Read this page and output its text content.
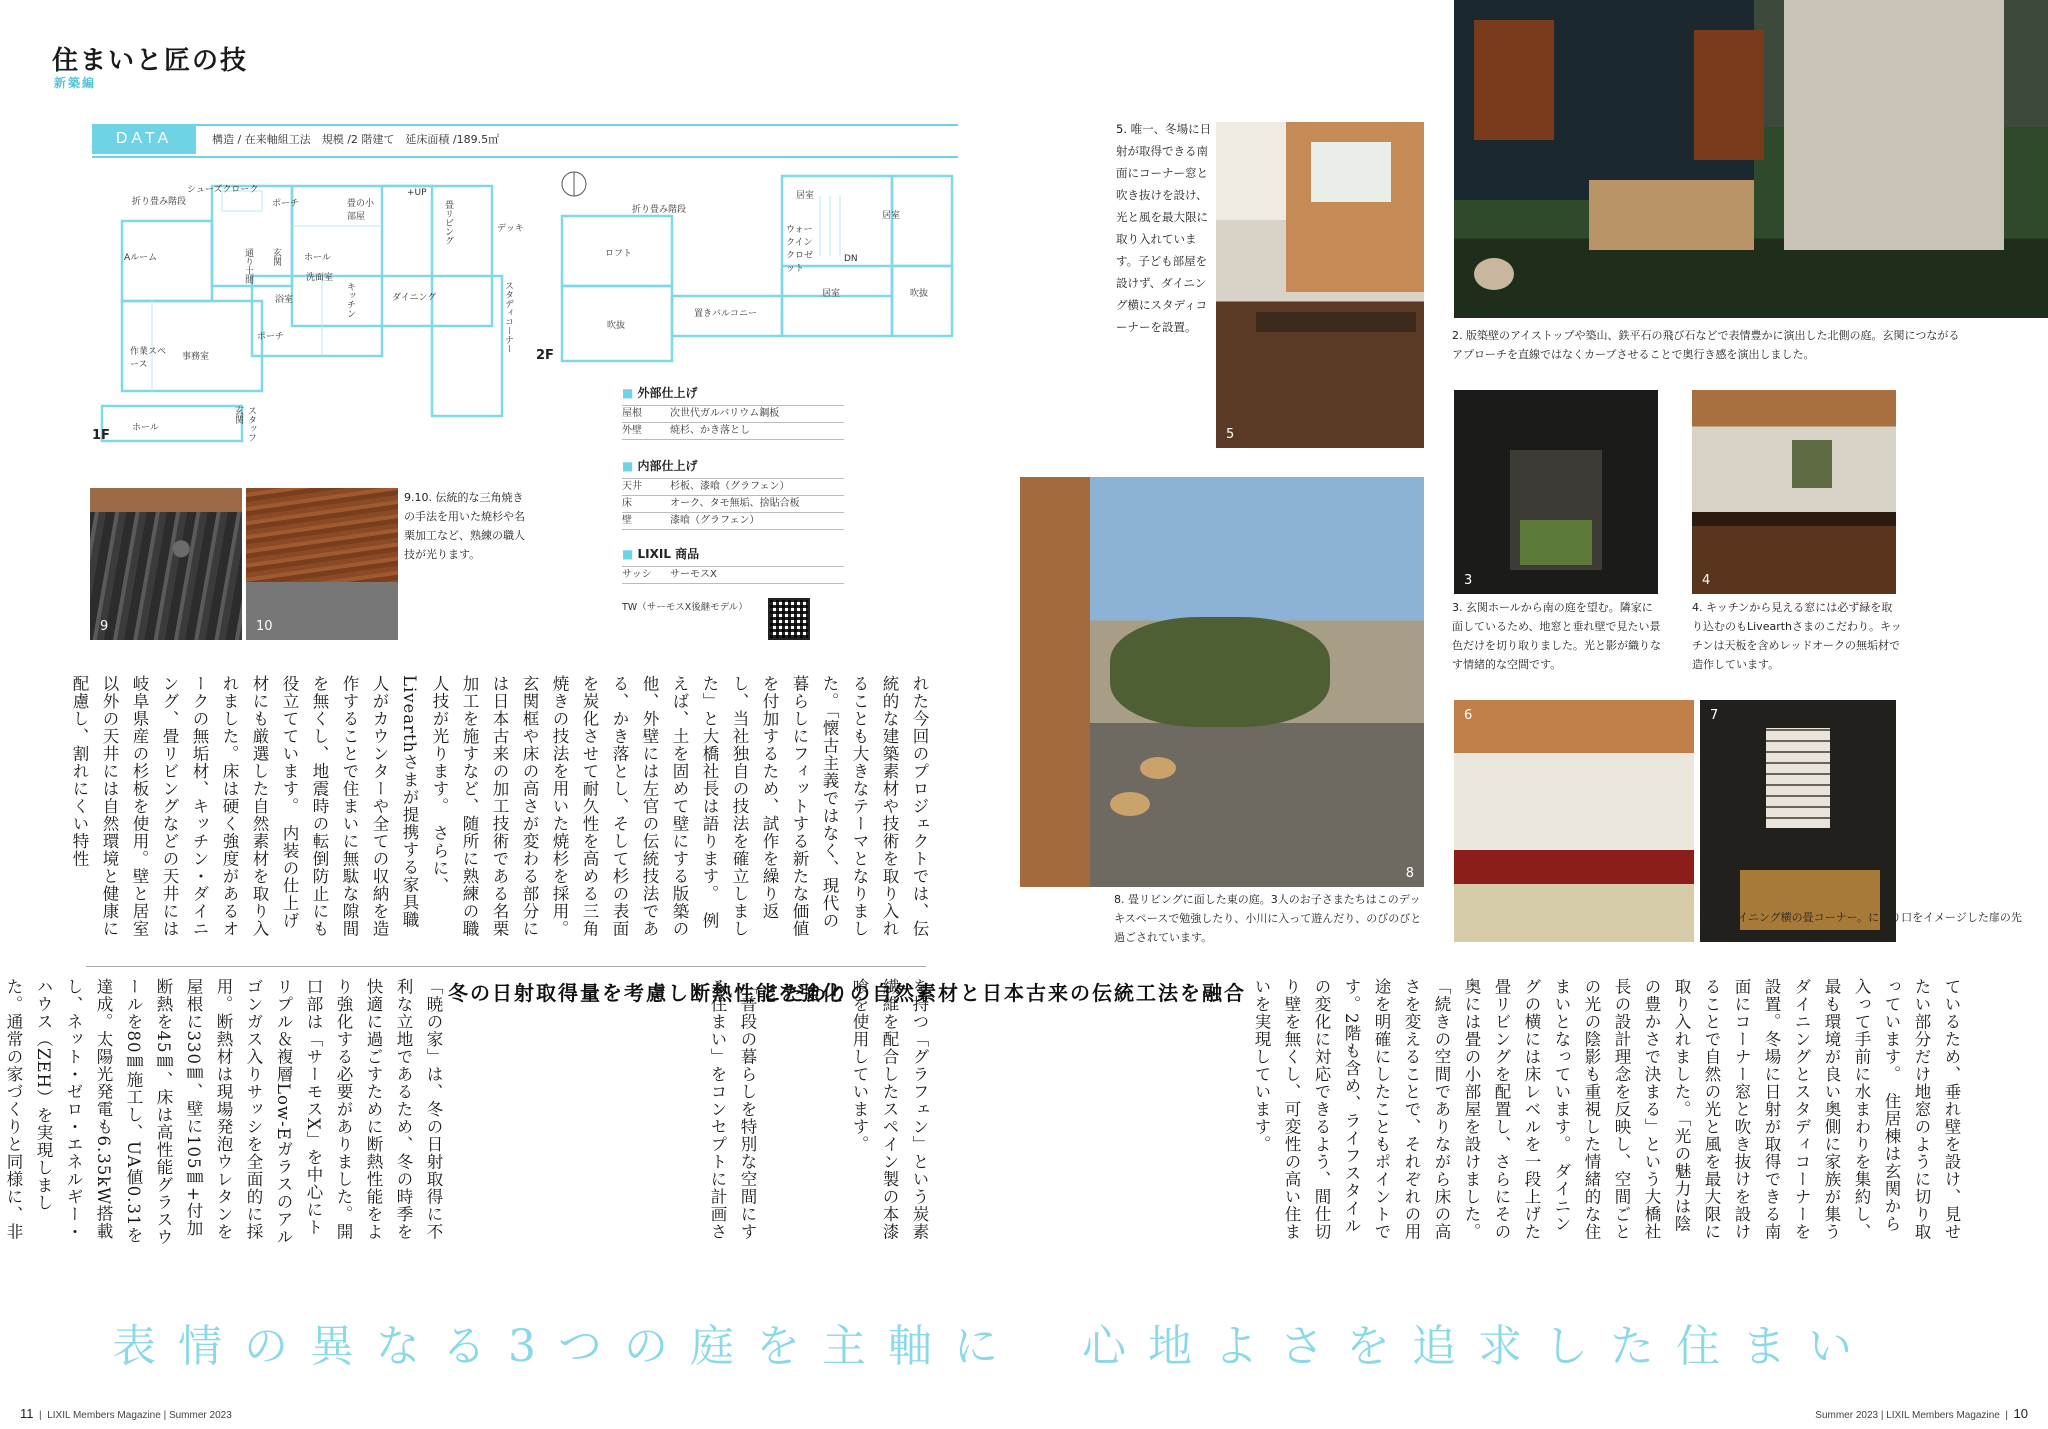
住まいと匠の技
新築編
DATA	構造 / 在来軸組工法　規模 /2 階建て　延床面積 /189.5㎡
シューズクローク
折り畳み階段	ポーチ	畳の小部屋
+UP
畳リビング	デッキ
Aルーム	通り土間 玄関	ホール
洗面室
キッチン	ダイニング	スタディコーナー
浴室
作業スペース
事務室
ポーチ
ホール	スタッフ玄関
1F
折り畳み階段
ロフト
吹抜
置きバルコニー
居室
ウォークインクロゼット
DN
居室
居室	吹抜
2F
■ 外部仕上げ
屋根	次世代ガルバリウム鋼板
外壁	焼杉、かき落とし
■ 内部仕上げ
天井	杉板、漆喰（グラフェン）
床	オーク、タモ無垢、捨貼合板
壁	漆喰（グラフェン）
■ LIXIL 商品
サッシ サーモスX
TW（サーモスX後継モデル）
9	10
9.10. 伝統的な三角焼きの手法を用いた焼杉や名栗加工など、熟練の職人技が光ります。
れた今回のプロジェクトでは、伝統的な建築素材や技術を取り入れることも大きなテーマとなりました。「懐古主義ではなく、現代の暮らしにフィットする新たな価値を付加するため、試作を繰り返し、当社独自の技法を確立しました」と大橋社長は語ります。　例えば、土を固めて壁にする版築の他、外壁には左官の伝統技法である、かき落とし、そして杉の表面を炭化させて耐久性を高める三角焼きの技法を用いた焼杉を採用。玄関框や床の高さが変わる部分には日本古来の加工技術である名栗加工を施すなど、随所に熟練の職人技が光ります。　さらに、Livearthさまが提携する家具職人がカウンターや全ての収納を造作することで住まいに無駄な隙間を無くし、地震時の転倒防止にも役立てています。　内装の仕上げ材にも厳選した自然素材を取り入れました。床は硬く強度があるオークの無垢材、キッチン・ダイニング、畳リビングなどの天井には岐阜県産の杉板を使用。壁と居室以外の天井には自然環境と健康に配慮し、割れにくい特性
を持つ「グラフェン」という炭素繊維を配合したスペイン製の本漆喰を使用しています。
冬の日射取得量を考慮し断熱性能を強化
「暁の家」は、冬の日射取得に不利な立地であるため、冬の時季を快適に過ごすために断熱性能をより強化する必要がありました。開口部は「サーモスX」を中心にトリプル＆複層Low-Eガラスのアルゴンガス入りサッシを全面的に採用。断熱材は現場発泡ウレタンを屋根に330㎜、壁に105㎜+付加断熱を45㎜、床は高性能グラスウールを80㎜施工し、UA値0.31を達成。太陽光発電も6.35kW搭載し、ネット・ゼロ・エネルギー・ハウス（ZEH）を実現しました。通常の家づくりと同様に、非　
5. 唯一、冬場に日射が取得できる南面にコーナー窓と吹き抜けを設け、光と風を最大限に取り入れています。子ども部屋を設けず、ダイニング横にスタディコーナーを設置。
5
2. 版築壁のアイストップや築山、鉄平石の飛び石などで表情豊かに演出した北側の庭。玄関につながるアプローチを直線ではなくカーブさせることで奥行き感を演出しました。
3	4
3. 玄関ホールから南の庭を望む。隣家に面しているため、地窓と垂れ壁で見たい景色だけを切り取りました。光と影が織りなす情緒的な空間です。
4. キッチンから見える窓には必ず緑を取り込むのもLivearthさまのこだわり。キッチンは天板を含めレッドオークの無垢材で造作しています。
8
8. 畳リビングに面した東の庭。3人のお子さまたちはこのデッキスペースで勉強したり、小川に入って遊んだり、のびのびと過ごされています。
6	7
6.7. ダイニング横の畳コーナー。にじり口をイメージした扉の先には3.5畳の畳の小部屋が。
ているため、垂れ壁を設け、見せたい部分だけ地窓のように切り取っています。　住居棟は玄関から入って手前に水まわりを集約し、最も環境が良い奥側に家族が集うダイニングとスタディコーナーを設置。冬場に日射が取得できる南面にコーナー窓と吹き抜けを設けることで自然の光と風を最大限に取り入れました。「光の魅力は陰の豊かさで決まる」という大橋社長の設計理念を反映し、空間ごとの光の陰影も重視した情緒的な住まいとなっています。　ダイニングの横には床レベルを一段上げた畳リビングを配置し、さらにその奥には畳の小部屋を設けました。「続きの空間でありながら床の高さを変えることで、それぞれの用途を明確にしたこともポイントです。2階も含め、ライフスタイルの変化に対応できるよう、間仕切り壁を無くし、可変性の高い住まいを実現しています。
こだわりの自然素材と日本古来の伝統工法を融合
「普段の暮らしを特別な空間にする住まい」をコンセプトに計画さ
表情の異なる3つの庭を主軸に 心地よさを追求した住まい
11  |  LIXIL Members Magazine | Summer 2023	Summer 2023 | LIXIL Members Magazine  |  10
